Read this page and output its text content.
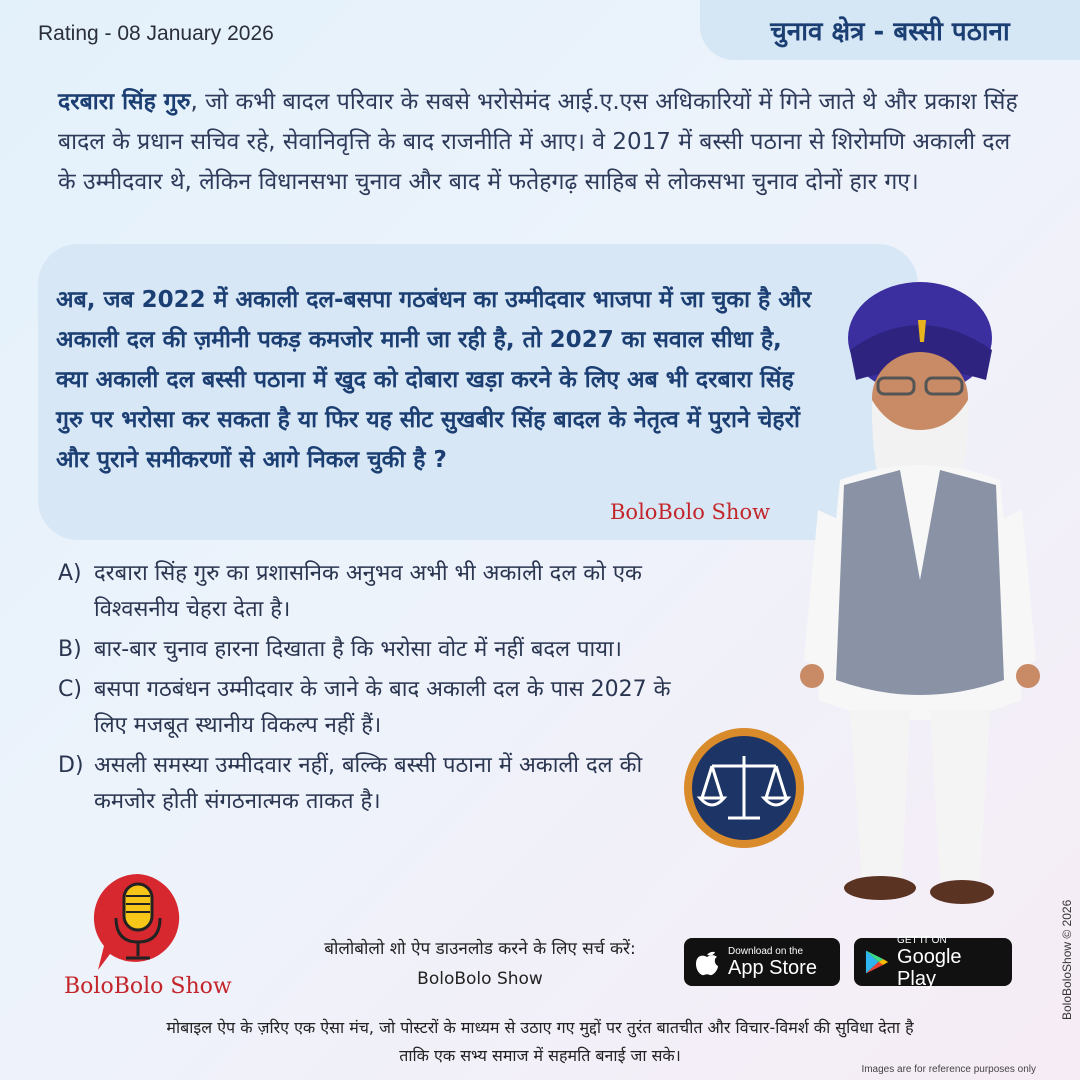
Rating - 08 January 2026	चुनाव क्षेत्र - बस्सी पठाना

दरबारा सिंह गुरु, जो कभी बादल परिवार के सबसे भरोसेमंद आई.ए.एस अधिकारियों में गिने जाते थे और प्रकाश सिंह बादल के प्रधान सचिव रहे, सेवानिवृत्ति के बाद राजनीति में आए। वे 2017 में बस्सी पठाना से शिरोमणि अकाली दल के उम्मीदवार थे, लेकिन विधानसभा चुनाव और बाद में फतेहगढ़ साहिब से लोकसभा चुनाव दोनों हार गए।

अब, जब 2022 में अकाली दल-बसपा गठबंधन का उम्मीदवार भाजपा में जा चुका है और अकाली दल की ज़मीनी पकड़ कमजोर मानी जा रही है, तो 2027 का सवाल सीधा है, क्या अकाली दल बस्सी पठाना में खुद को दोबारा खड़ा करने के लिए अब भी दरबारा सिंह गुरु पर भरोसा कर सकता है या फिर यह सीट सुखबीर सिंह बादल के नेतृत्व में पुराने चेहरों और पुराने समीकरणों से आगे निकल चुकी है ?

BoloBolo Show
A) दरबारा सिंह गुरु का प्रशासनिक अनुभव अभी भी अकाली दल को एक विश्वसनीय चेहरा देता है।
B) बार-बार चुनाव हारना दिखाता है कि भरोसा वोट में नहीं बदल पाया।
C) बसपा गठबंधन उम्मीदवार के जाने के बाद अकाली दल के पास 2027 के लिए मजबूत स्थानीय विकल्प नहीं हैं।
D) असली समस्या उम्मीदवार नहीं, बल्कि बस्सी पठाना में अकाली दल की कमजोर होती संगठनात्मक ताकत है।
BoloBolo Show
बोलोबोलो शो ऐप डाउनलोड करने के लिए सर्च करें:
BoloBolo Show
Download on the
App Store
GET IT ON
Google Play

मोबाइल ऐप के ज़रिए एक ऐसा मंच, जो पोस्टरों के माध्यम से उठाए गए मुद्दों पर तुरंत बातचीत और विचार-विमर्श की सुविधा देता है
ताकि एक सभ्य समाज में सहमति बनाई जा सके।

BoloBoloShow © 2026
Images are for reference purposes only
